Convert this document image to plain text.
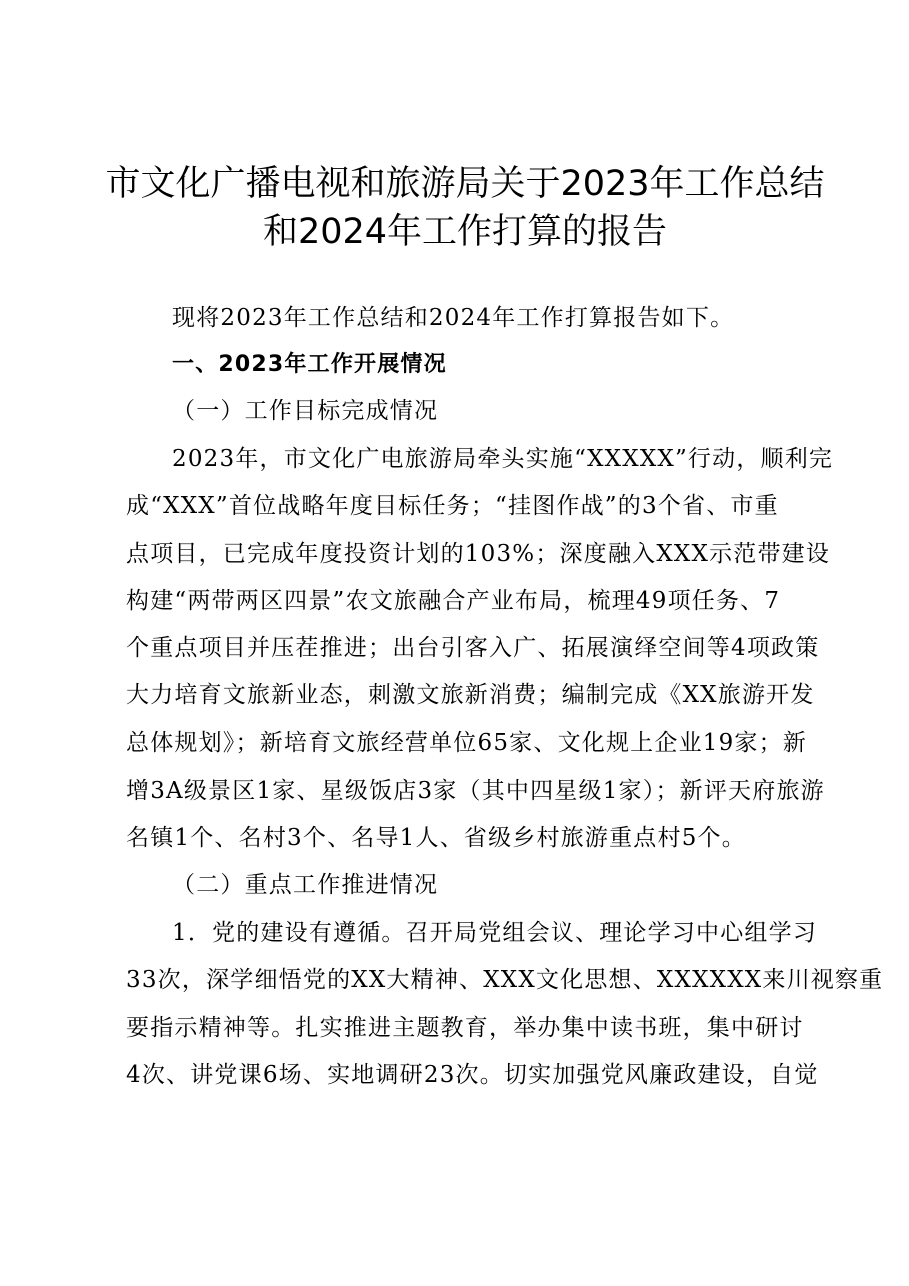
市文化广播电视和旅游局关于2023年工作总结
和2024年工作打算的报告
现将2023年工作总结和2024年工作打算报告如下。
一、2023年工作开展情况
（一）工作目标完成情况
2023年，市文化广电旅游局牵头实施“XXXXX”行动，顺利完
成“XXX”首位战略年度目标任务；“挂图作战”的3个省、市重
点项目，已完成年度投资计划的103%；深度融入XXX示范带建设
构建“两带两区四景”农文旅融合产业布局，梳理49项任务、7
个重点项目并压茬推进；出台引客入广、拓展演绎空间等4项政策
大力培育文旅新业态，刺激文旅新消费；编制完成《XX旅游开发
总体规划》；新培育文旅经营单位65家、文化规上企业19家；新
增3A级景区1家、星级饭店3家（其中四星级1家）；新评天府旅游
名镇1个、名村3个、名导1人、省级乡村旅游重点村5个。
（二）重点工作推进情况
1．党的建设有遵循。召开局党组会议、理论学习中心组学习
33次，深学细悟党的XX大精神、XXX文化思想、XXXXXX来川视察重
要指示精神等。扎实推进主题教育，举办集中读书班，集中研讨
4次、讲党课6场、实地调研23次。切实加强党风廉政建设，自觉
